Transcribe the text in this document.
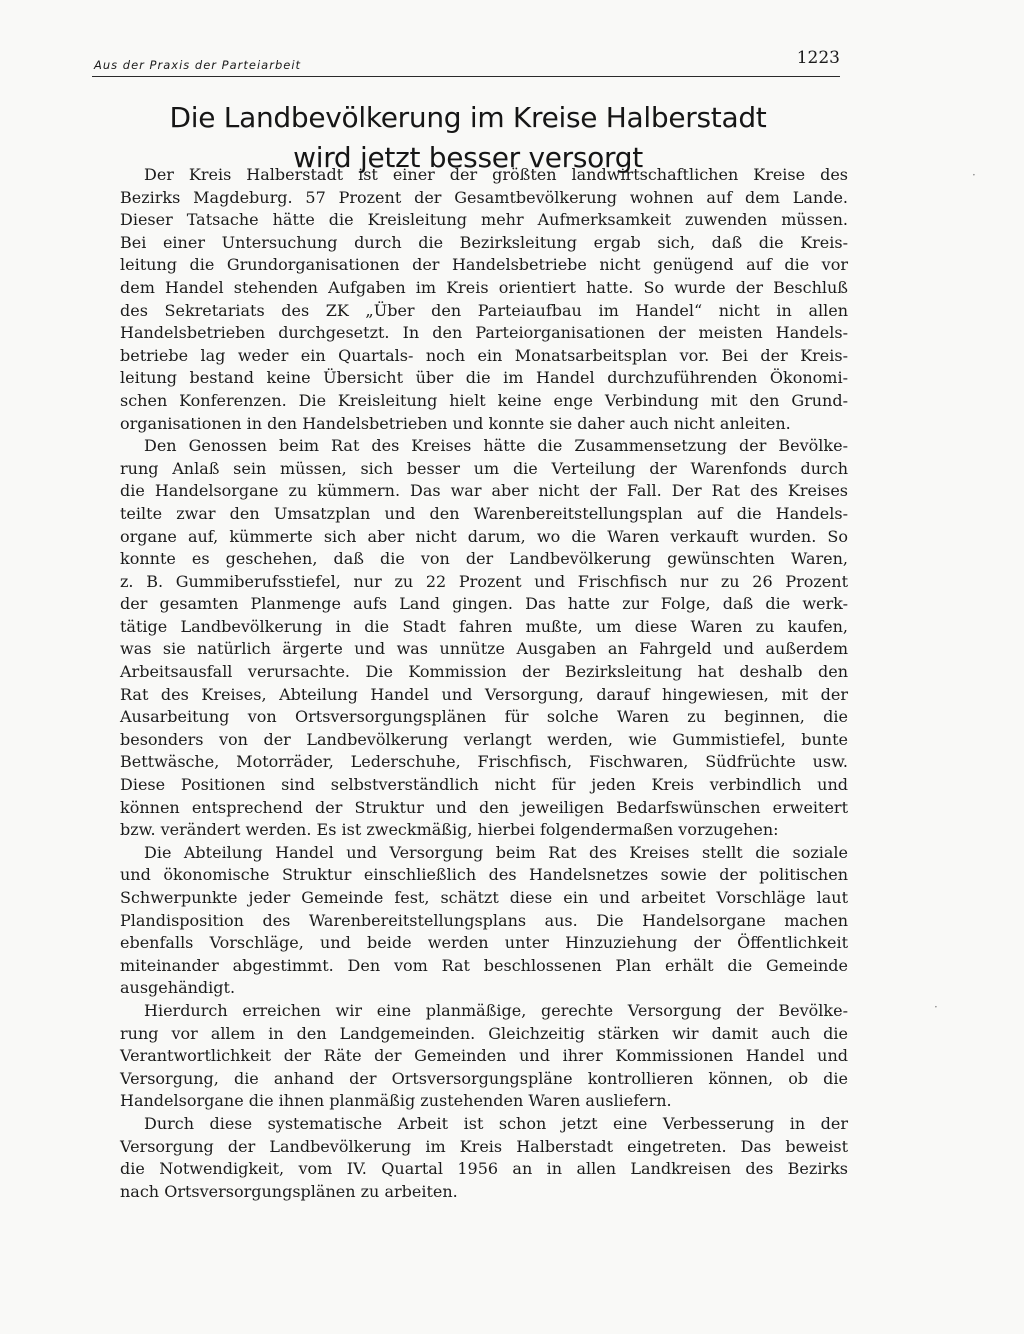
Aus der Praxis der Parteiarbeit	1223
Die Landbevölkerung im Kreise Halberstadt
wird jetzt besser versorgt
Der Kreis Halberstadt ist einer der größten landwirtschaftlichen Kreise des
Bezirks Magdeburg. 57 Prozent der Gesamtbevölkerung wohnen auf dem Lande.
Dieser Tatsache hätte die Kreisleitung mehr Aufmerksamkeit zuwenden müssen.
Bei einer Untersuchung durch die Bezirksleitung ergab sich, daß die Kreis-
leitung die Grundorganisationen der Handelsbetriebe nicht genügend auf die vor
dem Handel stehenden Aufgaben im Kreis orientiert hatte. So wurde der Beschluß
des Sekretariats des ZK „Über den Parteiaufbau im Handel“ nicht in allen
Handelsbetrieben durchgesetzt. In den Parteiorganisationen der meisten Handels-
betriebe lag weder ein Quartals- noch ein Monatsarbeitsplan vor. Bei der Kreis-
leitung bestand keine Übersicht über die im Handel durchzuführenden Ökonomi-
schen Konferenzen. Die Kreisleitung hielt keine enge Verbindung mit den Grund-
organisationen in den Handelsbetrieben und konnte sie daher auch nicht anleiten.
Den Genossen beim Rat des Kreises hätte die Zusammensetzung der Bevölke-
rung Anlaß sein müssen, sich besser um die Verteilung der Warenfonds durch
die Handelsorgane zu kümmern. Das war aber nicht der Fall. Der Rat des Kreises
teilte zwar den Umsatzplan und den Warenbereitstellungsplan auf die Handels-
organe auf, kümmerte sich aber nicht darum, wo die Waren verkauft wurden. So
konnte es geschehen, daß die von der Landbevölkerung gewünschten Waren,
z. B. Gummiberufsstiefel, nur zu 22 Prozent und Frischfisch nur zu 26 Prozent
der gesamten Planmenge aufs Land gingen. Das hatte zur Folge, daß die werk-
tätige Landbevölkerung in die Stadt fahren mußte, um diese Waren zu kaufen,
was sie natürlich ärgerte und was unnütze Ausgaben an Fahrgeld und außerdem
Arbeitsausfall verursachte. Die Kommission der Bezirksleitung hat deshalb den
Rat des Kreises, Abteilung Handel und Versorgung, darauf hingewiesen, mit der
Ausarbeitung von Ortsversorgungsplänen für solche Waren zu beginnen, die
besonders von der Landbevölkerung verlangt werden, wie Gummistiefel, bunte
Bettwäsche, Motorräder, Lederschuhe, Frischfisch, Fischwaren, Südfrüchte usw.
Diese Positionen sind selbstverständlich nicht für jeden Kreis verbindlich und
können entsprechend der Struktur und den jeweiligen Bedarfswünschen erweitert
bzw. verändert werden. Es ist zweckmäßig, hierbei folgendermaßen vorzugehen:
Die Abteilung Handel und Versorgung beim Rat des Kreises stellt die soziale
und ökonomische Struktur einschließlich des Handelsnetzes sowie der politischen
Schwerpunkte jeder Gemeinde fest, schätzt diese ein und arbeitet Vorschläge laut
Plandisposition des Warenbereitstellungsplans aus. Die Handelsorgane machen
ebenfalls Vorschläge, und beide werden unter Hinzuziehung der Öffentlichkeit
miteinander abgestimmt. Den vom Rat beschlossenen Plan erhält die Gemeinde
ausgehändigt.
Hierdurch erreichen wir eine planmäßige, gerechte Versorgung der Bevölke-
rung vor allem in den Landgemeinden. Gleichzeitig stärken wir damit auch die
Verantwortlichkeit der Räte der Gemeinden und ihrer Kommissionen Handel und
Versorgung, die anhand der Ortsversorgungspläne kontrollieren können, ob die
Handelsorgane die ihnen planmäßig zustehenden Waren ausliefern.
Durch diese systematische Arbeit ist schon jetzt eine Verbesserung in der
Versorgung der Landbevölkerung im Kreis Halberstadt eingetreten. Das beweist
die Notwendigkeit, vom IV. Quartal 1956 an in allen Landkreisen des Bezirks
nach Ortsversorgungsplänen zu arbeiten.
·
·
